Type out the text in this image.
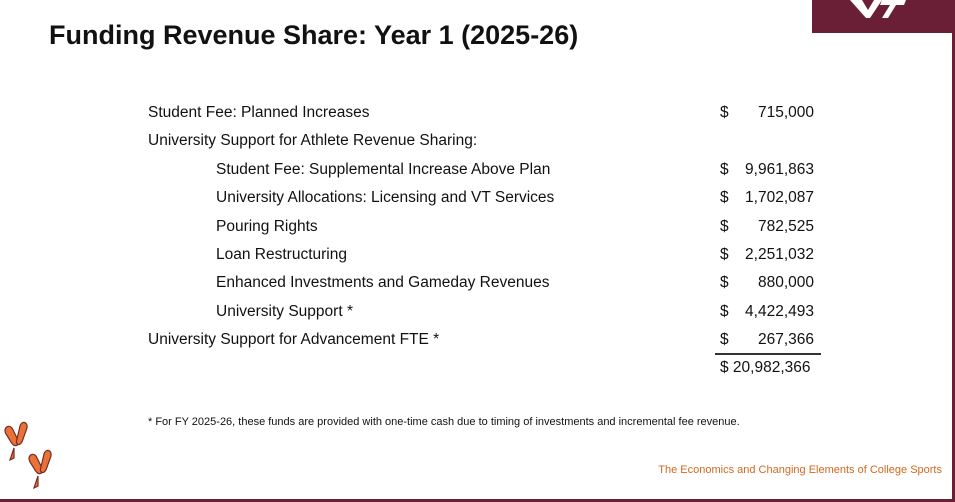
Funding Revenue Share: Year 1 (2025-26)
Student Fee: Planned Increases	$ 715,000
University Support for Athlete Revenue Sharing:
Student Fee: Supplemental Increase Above Plan	$ 9,961,863
University Allocations: Licensing and VT Services	$ 1,702,087
Pouring Rights	$ 782,525
Loan Restructuring	$ 2,251,032
Enhanced Investments and Gameday Revenues	$ 880,000
University Support *	$ 4,422,493
University Support for Advancement FTE *	$ 267,366
$ 20,982,366
* For FY 2025-26, these funds are provided with one-time cash due to timing of investments and incremental fee revenue.
The Economics and Changing Elements of College Sports
